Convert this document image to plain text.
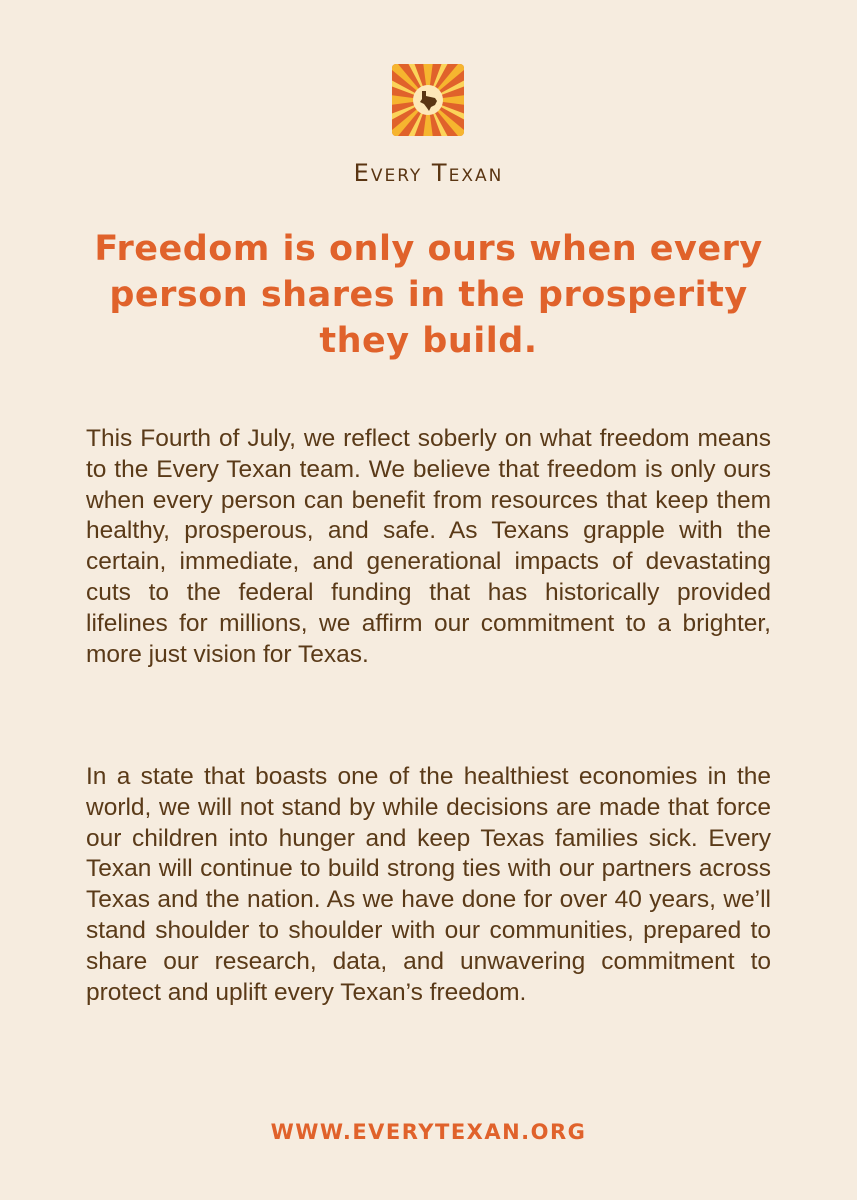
Every Texan
Freedom is only ours when every person shares in the prosperity they build.

This Fourth of July, we reflect soberly on what freedom means to the Every Texan team. We believe that freedom is only ours when every person can benefit from resources that keep them healthy, prosperous, and safe. As Texans grapple with the certain, immediate, and generational impacts of devastating cuts to the federal funding that has historically provided lifelines for millions, we affirm our commitment to a brighter, more just vision for Texas.

In a state that boasts one of the healthiest economies in the world, we will not stand by while decisions are made that force our children into hunger and keep Texas families sick. Every Texan will continue to build strong ties with our partners across Texas and the nation. As we have done for over 40 years, we’ll stand shoulder to shoulder with our communities, prepared to share our research, data, and unwavering commitment to protect and uplift every Texan’s freedom.

WWW.EVERYTEXAN.ORG
